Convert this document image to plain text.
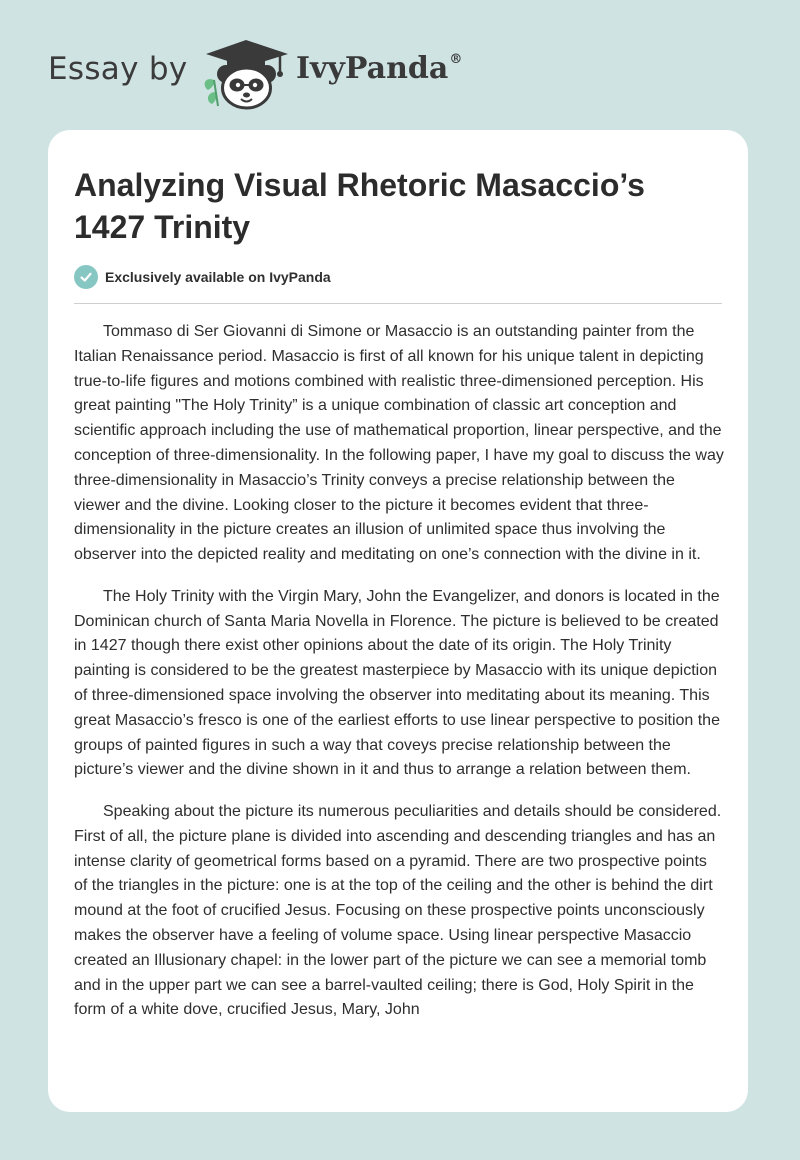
Essay by	IvyPanda®
Analyzing Visual Rhetoric Masaccio’s 1427 Trinity
Exclusively available on IvyPanda

Tommaso di Ser Giovanni di Simone or Masaccio is an outstanding painter from the Italian Renaissance period. Masaccio is first of all known for his unique talent in depicting true-to-life figures and motions combined with realistic three-dimensioned perception. His great painting "The Holy Trinity” is a unique combination of classic art conception and scientific approach including the use of mathematical proportion, linear perspective, and the conception of three-dimensionality. In the following paper, I have my goal to discuss the way three-dimensionality in Masaccio’s Trinity conveys a precise relationship between the viewer and the divine. Looking closer to the picture it becomes evident that three-dimensionality in the picture creates an illusion of unlimited space thus involving the observer into the depicted reality and meditating on one’s connection with the divine in it.

The Holy Trinity with the Virgin Mary, John the Evangelizer, and donors is located in the Dominican church of Santa Maria Novella in Florence. The picture is believed to be created in 1427 though there exist other opinions about the date of its origin. The Holy Trinity painting is considered to be the greatest masterpiece by Masaccio with its unique depiction of three-dimensioned space involving the observer into meditating about its meaning. This great Masaccio’s fresco is one of the earliest efforts to use linear perspective to position the groups of painted figures in such a way that coveys precise relationship between the picture’s viewer and the divine shown in it and thus to arrange a relation between them.

Speaking about the picture its numerous peculiarities and details should be considered. First of all, the picture plane is divided into ascending and descending triangles and has an intense clarity of geometrical forms based on a pyramid. There are two prospective points of the triangles in the picture: one is at the top of the ceiling and the other is behind the dirt mound at the foot of crucified Jesus. Focusing on these prospective points unconsciously makes the observer have a feeling of volume space. Using linear perspective Masaccio created an Illusionary chapel: in the lower part of the picture we can see a memorial tomb and in the upper part we can see a barrel-vaulted ceiling; there is God, Holy Spirit in the form of a white dove, crucified Jesus, Mary, John
